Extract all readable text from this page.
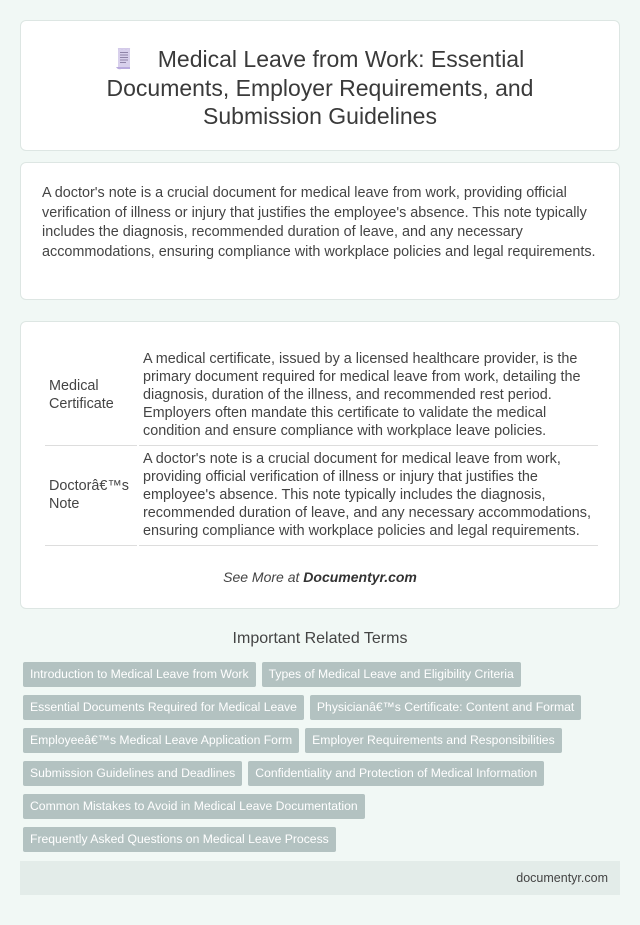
Medical Leave from Work: Essential Documents, Employer Requirements, and Submission Guidelines

A doctor's note is a crucial document for medical leave from work, providing official verification of illness or injury that justifies the employee's absence. This note typically includes the diagnosis, recommended duration of leave, and any necessary accommodations, ensuring compliance with workplace policies and legal requirements.

Medical Certificate	A medical certificate, issued by a licensed healthcare provider, is the primary document required for medical leave from work, detailing the diagnosis, duration of the illness, and recommended rest period. Employers often mandate this certificate to validate the medical condition and ensure compliance with workplace leave policies.
Doctorâ€™s Note	A doctor's note is a crucial document for medical leave from work, providing official verification of illness or injury that justifies the employee's absence. This note typically includes the diagnosis, recommended duration of leave, and any necessary accommodations, ensuring compliance with workplace policies and legal requirements.
See More at Documentyr.com
Important Related Terms
Introduction to Medical Leave from Work	Types of Medical Leave and Eligibility Criteria
Essential Documents Required for Medical Leave	Physicianâ€™s Certificate: Content and Format
Employeeâ€™s Medical Leave Application Form	Employer Requirements and Responsibilities
Submission Guidelines and Deadlines	Confidentiality and Protection of Medical Information
Common Mistakes to Avoid in Medical Leave Documentation
Frequently Asked Questions on Medical Leave Process
documentyr.com
